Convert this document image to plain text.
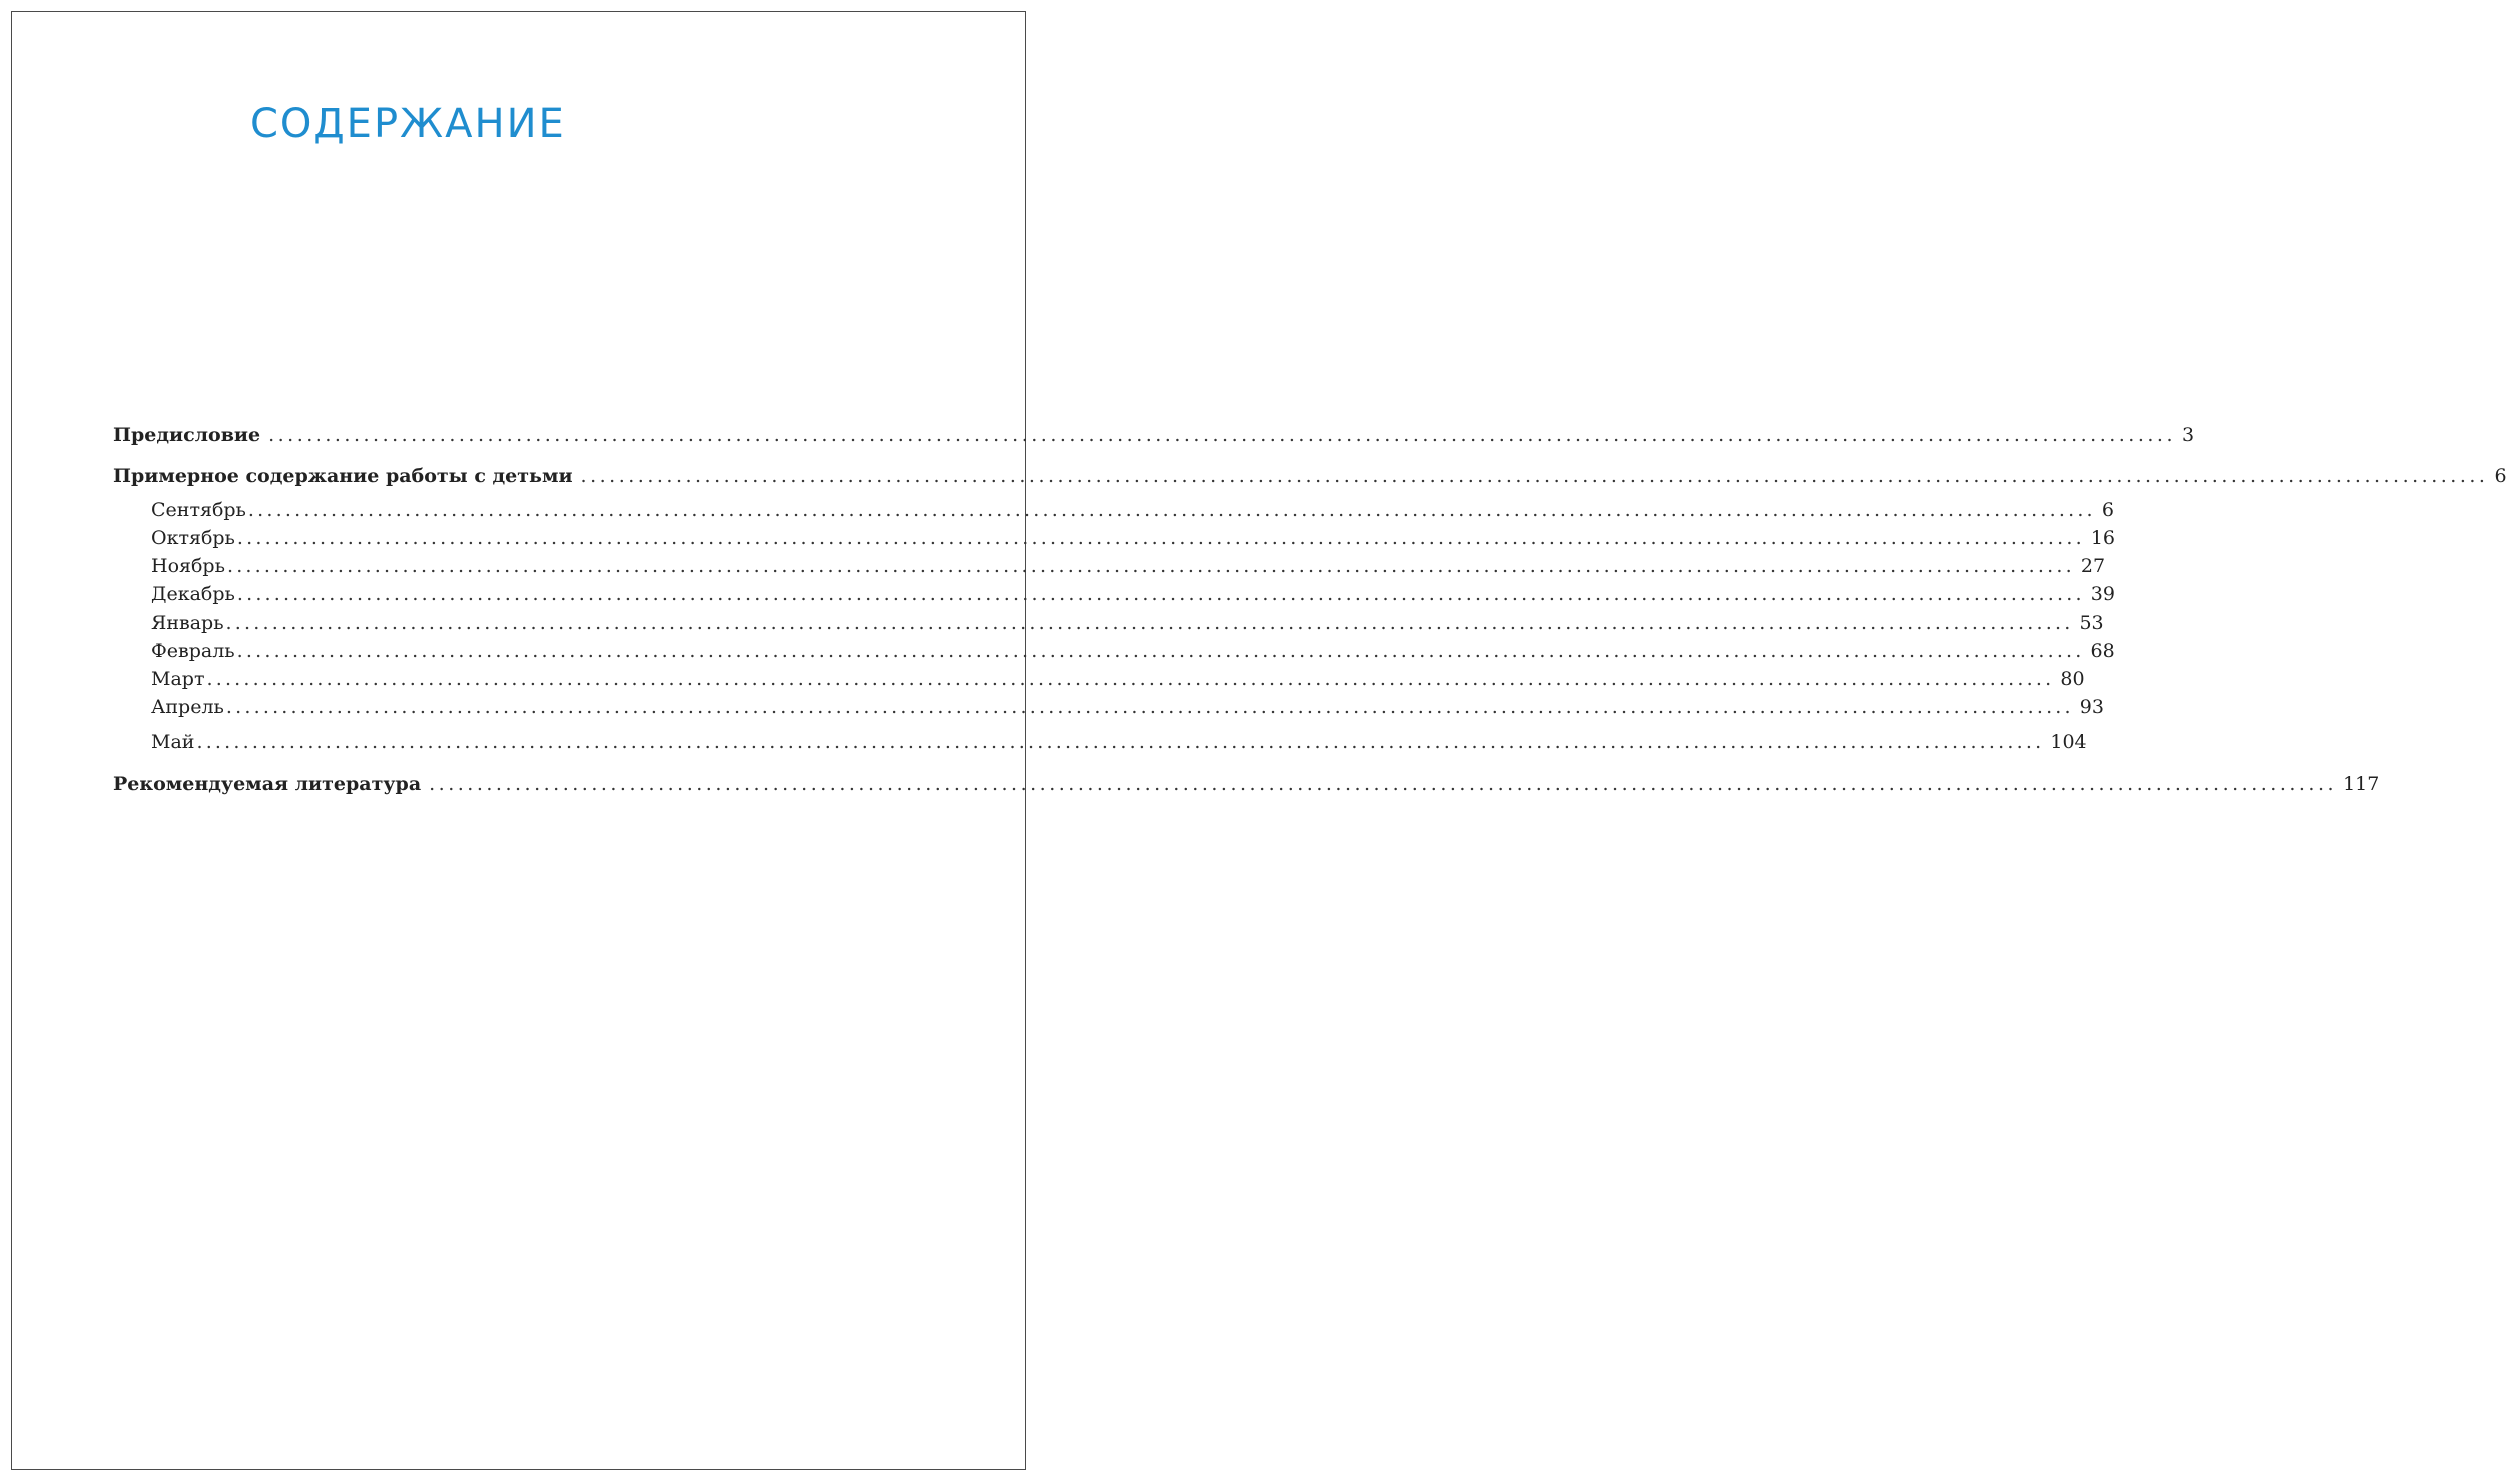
СОДЕРЖАНИЕ
Предисловие ........................................................................................................................................................................................................ 3
Примерное содержание работы с детьми ........................................................................................................................................................................................................ 6
Сентябрь ........................................................................................................................................................................................................ 6
Октябрь ........................................................................................................................................................................................................ 16
Ноябрь ........................................................................................................................................................................................................ 27
Декабрь ........................................................................................................................................................................................................ 39
Январь ........................................................................................................................................................................................................ 53
Февраль ........................................................................................................................................................................................................ 68
Март ........................................................................................................................................................................................................ 80
Апрель ........................................................................................................................................................................................................ 93
Май ........................................................................................................................................................................................................ 104
Рекомендуемая литература ........................................................................................................................................................................................................ 117
